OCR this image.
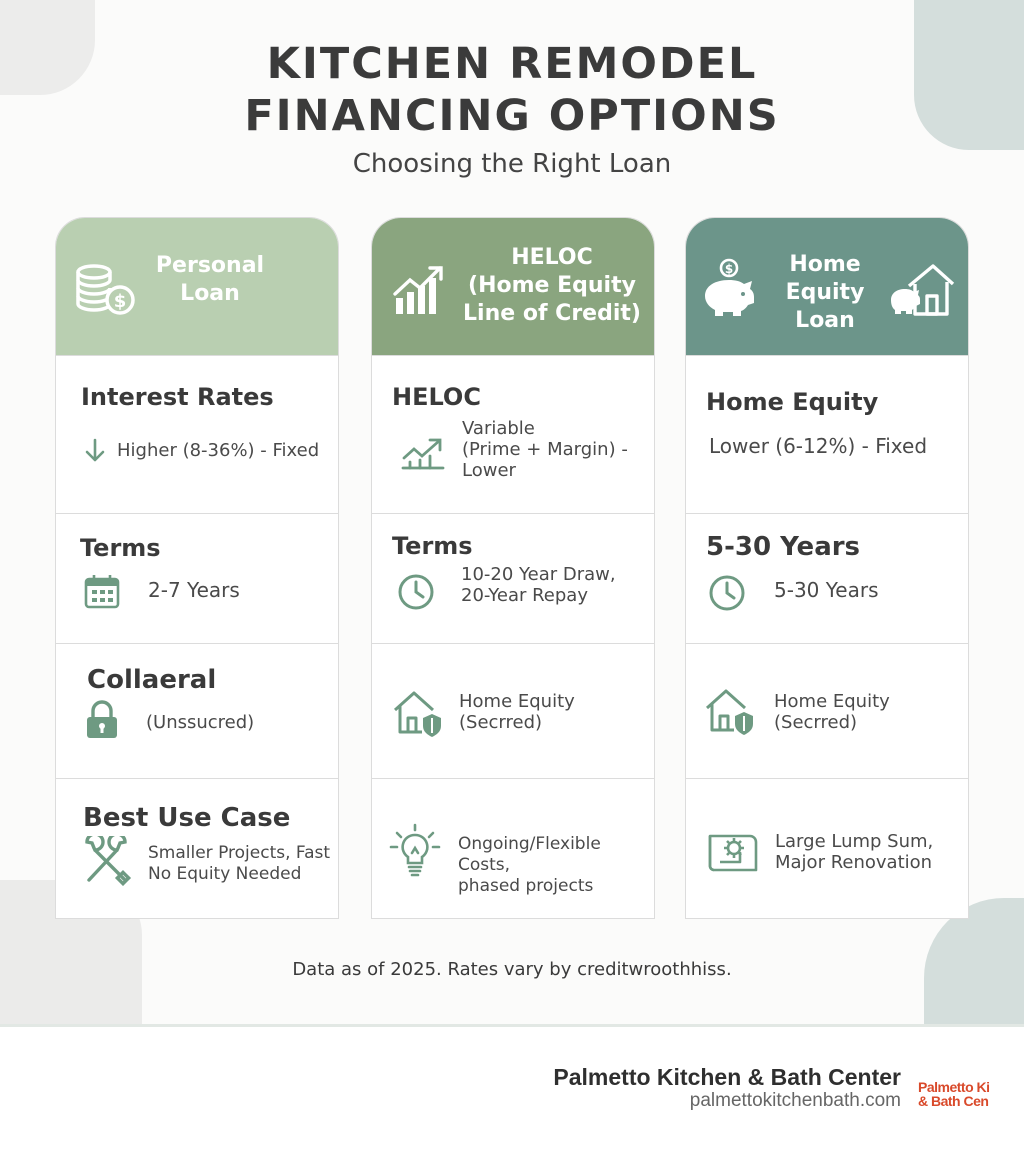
KITCHEN REMODEL
FINANCING OPTIONS
Choosing the Right Loan
$
Personal
Loan
Interest Rates
Higher (8-36%) - Fixed
Terms
2-7 Years
Collaeral
(Unssucred)
Best Use Case
Smaller Projects, Fast
No Equity Needed
HELOC
(Home Equity
Line of Credit)
HELOC
Variable
(Prime + Margin) -
Lower
Terms
10-20 Year Draw,
20-Year Repay
Home Equity
(Secrred)
Ongoing/Flexible Costs,
phased projects
$	Home
Equity
Loan
Home Equity
Lower (6-12%) - Fixed
5-30 Years
5-30 Years
Home Equity
(Secrred)
Large Lump Sum,
Major Renovation
Data as of 2025. Rates vary by creditwroothhiss.
Palmetto Kitchen & Bath Center
palmettokitchenbath.com
Palmetto Ki
& Bath Cen
